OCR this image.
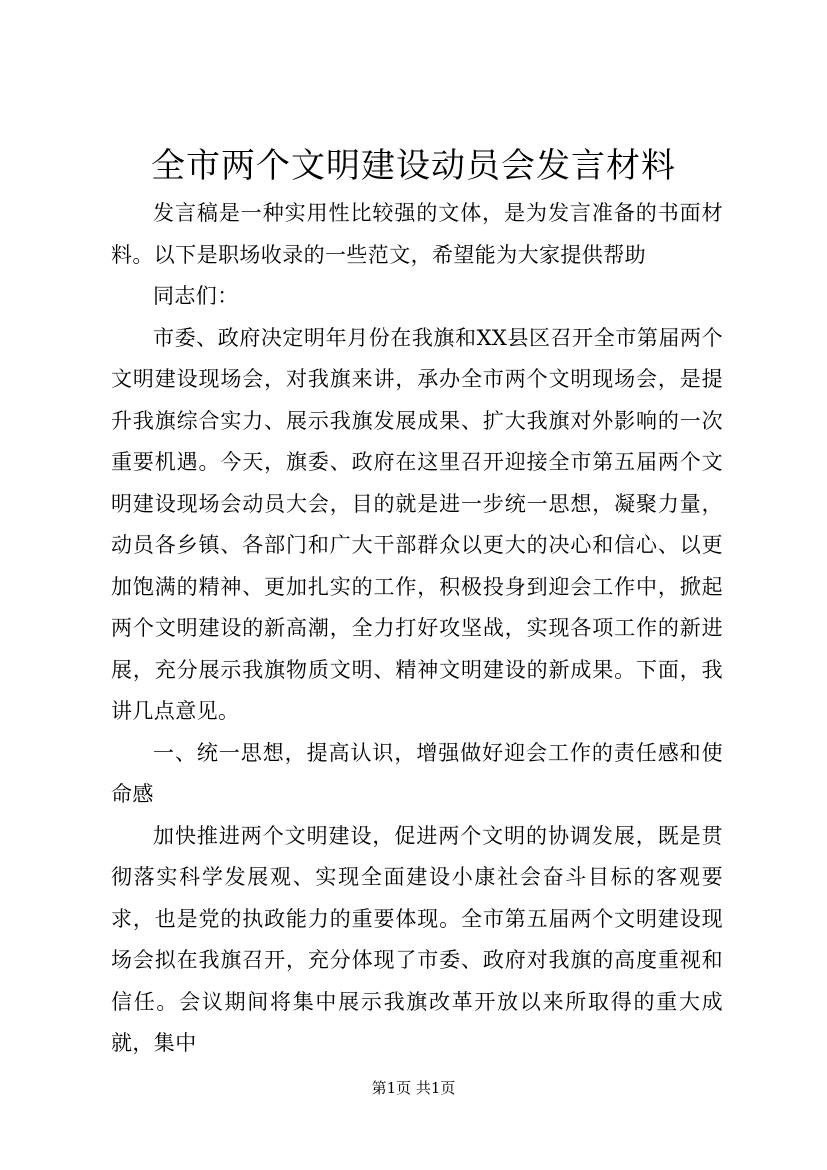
全市两个文明建设动员会发言材料

发言稿是一种实用性比较强的文体，是为发言准备的书面材料。以下是职场收录的一些范文，希望能为大家提供帮助

同志们：

市委、政府决定明年月份在我旗和XX县区召开全市第届两个文明建设现场会，对我旗来讲，承办全市两个文明现场会，是提升我旗综合实力、展示我旗发展成果、扩大我旗对外影响的一次重要机遇。今天，旗委、政府在这里召开迎接全市第五届两个文明建设现场会动员大会，目的就是进一步统一思想，凝聚力量，动员各乡镇、各部门和广大干部群众以更大的决心和信心、以更加饱满的精神、更加扎实的工作，积极投身到迎会工作中，掀起两个文明建设的新高潮，全力打好攻坚战，实现各项工作的新进展，充分展示我旗物质文明、精神文明建设的新成果。下面，我讲几点意见。

一、统一思想，提高认识，增强做好迎会工作的责任感和使命感

加快推进两个文明建设，促进两个文明的协调发展，既是贯彻落实科学发展观、实现全面建设小康社会奋斗目标的客观要求，也是党的执政能力的重要体现。全市第五届两个文明建设现场会拟在我旗召开，充分体现了市委、政府对我旗的高度重视和信任。会议期间将集中展示我旗改革开放以来所取得的重大成就，集中

第1页 共1页
